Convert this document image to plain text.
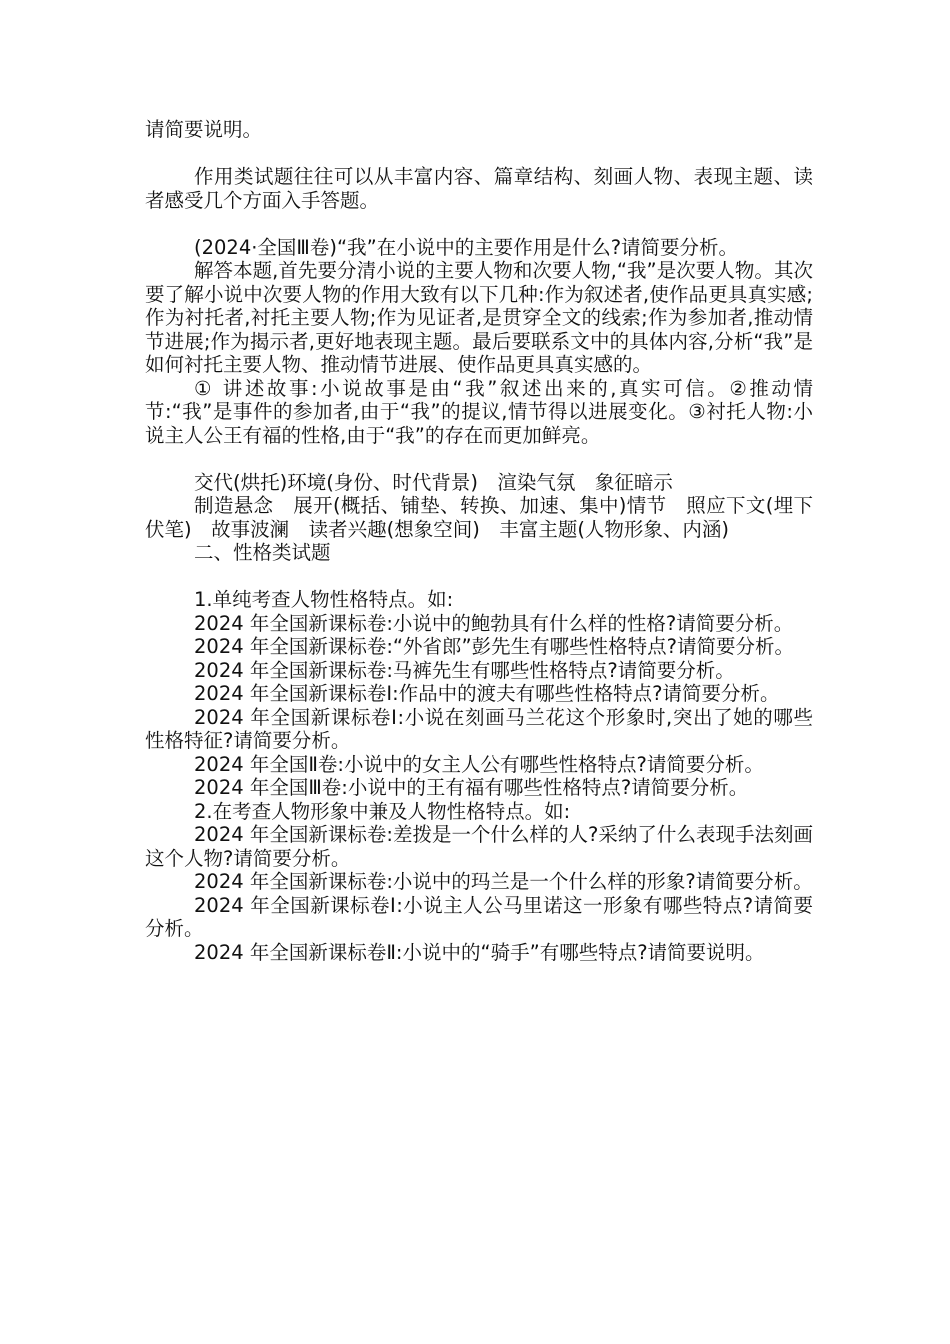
请简要说明。

作用类试题往往可以从丰富内容、篇章结构、刻画人物、表现主题、读者感受几个方面入手答题。

(2024·全国Ⅲ卷)“我”在小说中的主要作用是什么?请简要分析。

解答本题,首先要分清小说的主要人物和次要人物,“我”是次要人物。其次要了解小说中次要人物的作用大致有以下几种:作为叙述者,使作品更具真实感;作为衬托者,衬托主要人物;作为见证者,是贯穿全文的线索;作为参加者,推动情节进展;作为揭示者,更好地表现主题。最后要联系文中的具体内容,分析“我”是如何衬托主要人物、推动情节进展、使作品更具真实感的。

① 讲述故事:小说故事是由“我”叙述出来的,真实可信。②推动情节:“我”是事件的参加者,由于“我”的提议,情节得以进展变化。③衬托人物:小说主人公王有福的性格,由于“我”的存在而更加鲜亮。

交代(烘托)环境(身份、时代背景)　渲染气氛　象征暗示

制造悬念　展开(概括、铺垫、转换、加速、集中)情节　照应下文(埋下伏笔)　故事波澜　读者兴趣(想象空间)　丰富主题(人物形象、内涵)

二、性格类试题

1.单纯考查人物性格特点。如:

2024 年全国新课标卷:小说中的鲍勃具有什么样的性格?请简要分析。

2024 年全国新课标卷:“外省郎”彭先生有哪些性格特点?请简要分析。

2024 年全国新课标卷:马裤先生有哪些性格特点?请简要分析。

2024 年全国新课标卷Ⅰ:作品中的渡夫有哪些性格特点?请简要分析。

2024 年全国新课标卷Ⅰ:小说在刻画马兰花这个形象时,突出了她的哪些性格特征?请简要分析。

2024 年全国Ⅱ卷:小说中的女主人公有哪些性格特点?请简要分析。

2024 年全国Ⅲ卷:小说中的王有福有哪些性格特点?请简要分析。

2.在考查人物形象中兼及人物性格特点。如:

2024 年全国新课标卷:差拨是一个什么样的人?采纳了什么表现手法刻画这个人物?请简要分析。

2024 年全国新课标卷:小说中的玛兰是一个什么样的形象?请简要分析。

2024 年全国新课标卷Ⅰ:小说主人公马里诺这一形象有哪些特点?请简要分析。

2024 年全国新课标卷Ⅱ:小说中的“骑手”有哪些特点?请简要说明。
